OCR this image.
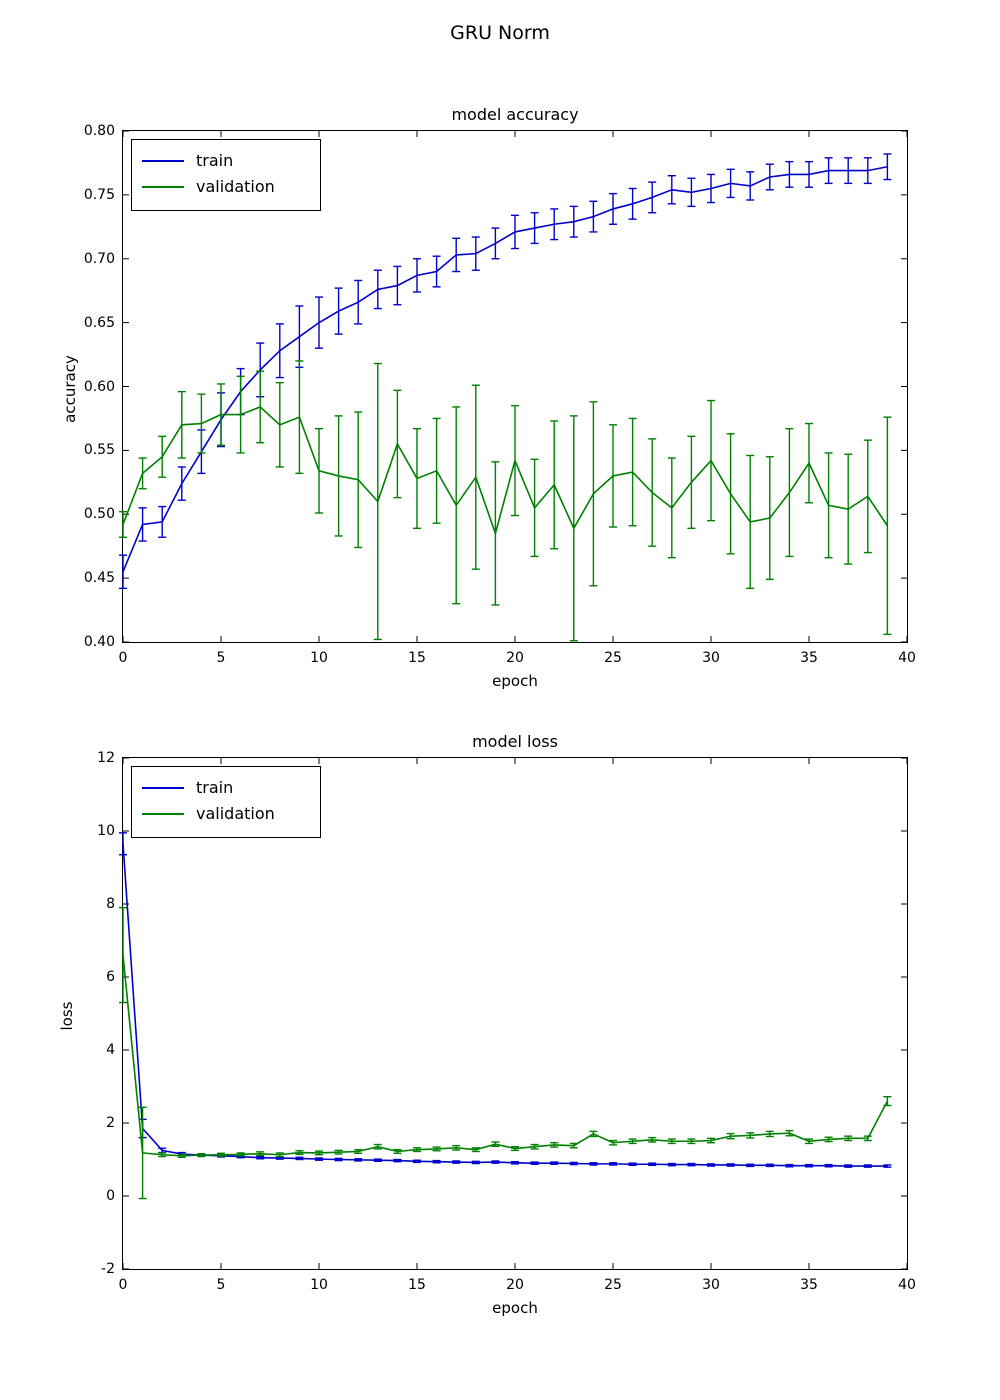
GRU Norm
model accuracy
0	5	10	15	20	25	30	35	40
0.40
0.45
0.50
0.55
0.60
0.65
0.70
0.75
0.80
epoch
accuracy
train
validation
model loss
0	5	10	15	20	25	30	35	40
-2
0
2
4
6
8
10
12
epoch
loss
train
validation
